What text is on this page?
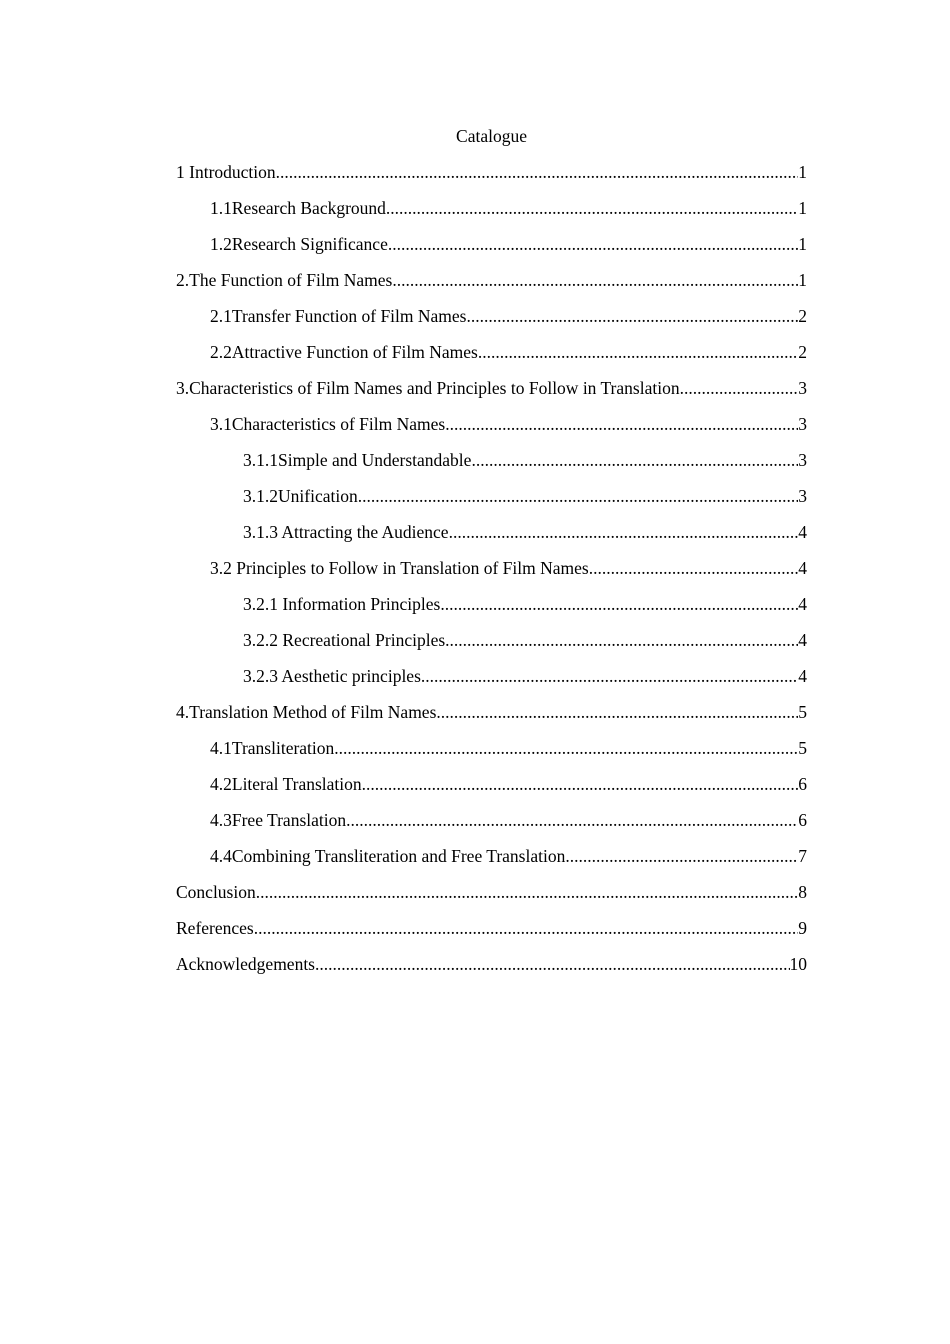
Catalogue
1 Introduction .....	1
1.1Research Background .....	1
1.2Research Significance .....	1
2.The Function of Film Names .....	1
2.1Transfer Function of Film Names .....	2
2.2Attractive Function of Film Names .....	2
3.Characteristics of Film Names and Principles to Follow in Translation .....	3
3.1Characteristics of Film Names .....	3
3.1.1Simple and Understandable .....	3
3.1.2Unification .....	3
3.1.3 Attracting the Audience .....	4
3.2 Principles to Follow in Translation of Film Names .....	4
3.2.1 Information Principles .....	4
3.2.2 Recreational Principles .....	4
3.2.3 Aesthetic principles .....	4
4.Translation Method of Film Names .....	5
4.1Transliteration .....	5
4.2Literal Translation .....	6
4.3Free Translation .....	6
4.4Combining Transliteration and Free Translation .....	7
Conclusion .....	8
References .....	9
Acknowledgements .....	10
